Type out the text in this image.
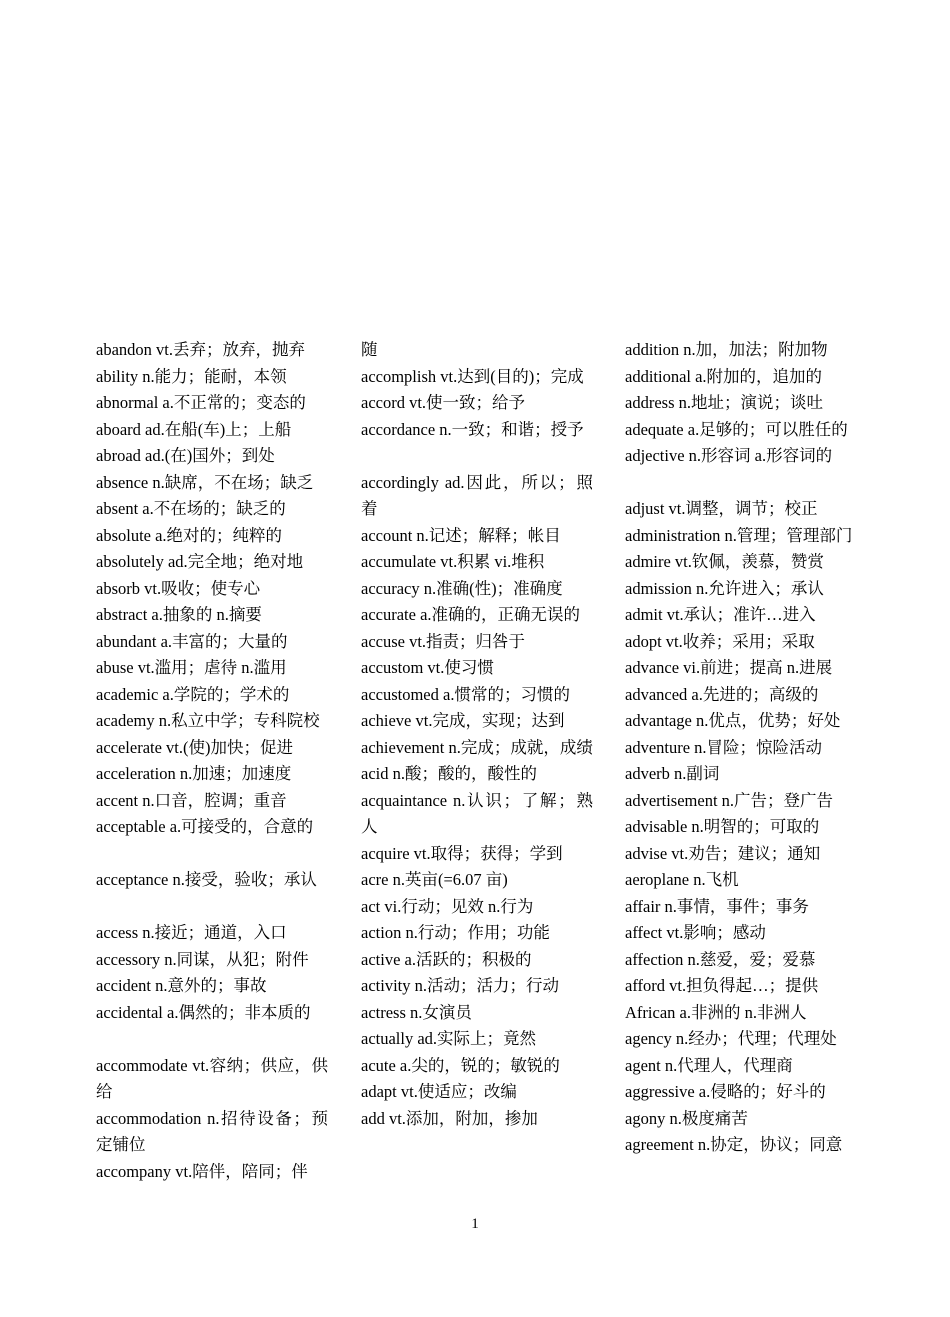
abandon vt.丢弃；放弃，抛弃
ability n.能力；能耐，本领
abnormal a.不正常的；变态的
aboard ad.在船(车)上；上船
abroad ad.(在)国外；到处
absence n.缺席，不在场；缺乏
absent a.不在场的；缺乏的
absolute a.绝对的；纯粹的
absolutely ad.完全地；绝对地
absorb vt.吸收；使专心
abstract a.抽象的 n.摘要
abundant a.丰富的；大量的
abuse vt.滥用；虐待 n.滥用
academic a.学院的；学术的
academy n.私立中学；专科院校
accelerate vt.(使)加快；促进
acceleration n.加速；加速度
accent n.口音，腔调；重音
acceptable a.可接受的，合意的
acceptance n.接受，验收；承认
access n.接近；通道，入口
accessory n.同谋，从犯；附件
accident n.意外的；事故
accidental a.偶然的；非本质的
accommodate vt.容纳；供应，供给
accommodation n.招待设备；预定铺位
accompany vt.陪伴，陪同；伴
随
accomplish vt.达到(目的)；完成
accord vt.使一致；给予
accordance n.一致；和谐；授予
accordingly ad.因此，所以；照着
account n.记述；解释；帐目
accumulate vt.积累 vi.堆积
accuracy n.准确(性)；准确度
accurate a.准确的，正确无误的
accuse vt.指责；归咎于
accustom vt.使习惯
accustomed a.惯常的；习惯的
achieve vt.完成，实现；达到
achievement n.完成；成就，成绩
acid n.酸；酸的，酸性的
acquaintance n.认识；了解；熟人
acquire vt.取得；获得；学到
acre n.英亩(=6.07 亩)
act vi.行动；见效 n.行为
action n.行动；作用；功能
active a.活跃的；积极的
activity n.活动；活力；行动
actress n.女演员
actually ad.实际上；竟然
acute a.尖的，锐的；敏锐的
adapt vt.使适应；改编
add vt.添加，附加，掺加
addition n.加，加法；附加物
additional a.附加的，追加的
address n.地址；演说；谈吐
adequate a.足够的；可以胜任的
adjective n.形容词 a.形容词的
adjust vt.调整，调节；校正
administration n.管理；管理部门
admire vt.钦佩，羡慕，赞赏
admission n.允许进入；承认
admit vt.承认；准许…进入
adopt vt.收养；采用；采取
advance vi.前进；提高 n.进展
advanced a.先进的；高级的
advantage n.优点，优势；好处
adventure n.冒险；惊险活动
adverb n.副词
advertisement n.广告；登广告
advisable n.明智的；可取的
advise vt.劝告；建议；通知
aeroplane n.飞机
affair n.事情，事件；事务
affect vt.影响；感动
affection n.慈爱，爱；爱慕
afford vt.担负得起…；提供
African a.非洲的 n.非洲人
agency n.经办；代理；代理处
agent n.代理人，代理商
aggressive a.侵略的；好斗的
agony n.极度痛苦
agreement n.协定，协议；同意
1
